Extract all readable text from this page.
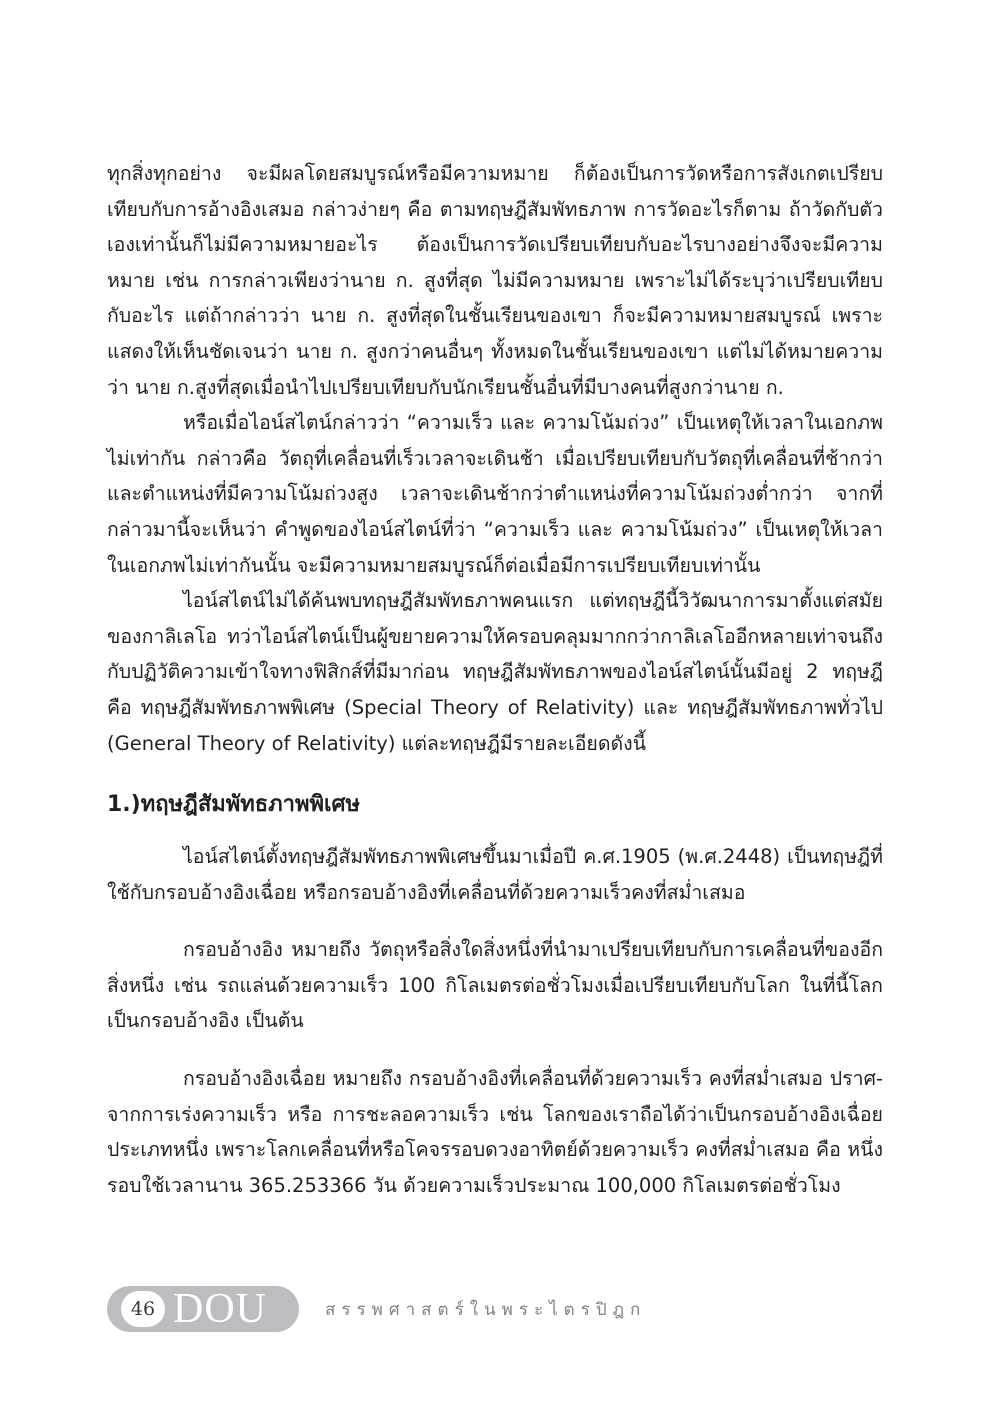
ทุกสิ่งทุกอย่าง จะมีผลโดยสมบูรณ์หรือมีความหมาย ก็ต้องเป็นการวัดหรือการสังเกตเปรียบเทียบกับการอ้างอิงเสมอ กล่าวง่ายๆ คือ ตามทฤษฎีสัมพัทธภาพ การวัดอะไรก็ตาม ถ้าวัดกับตัวเองเท่านั้นก็ไม่มีความหมายอะไร ต้องเป็นการวัดเปรียบเทียบกับอะไรบางอย่างจึงจะมีความหมาย เช่น การกล่าวเพียงว่านาย ก. สูงที่สุด ไม่มีความหมาย เพราะไม่ได้ระบุว่าเปรียบเทียบกับอะไร แต่ถ้ากล่าวว่า นาย ก. สูงที่สุดในชั้นเรียนของเขา ก็จะมีความหมายสมบูรณ์ เพราะแสดงให้เห็นชัดเจนว่า นาย ก. สูงกว่าคนอื่นๆ ทั้งหมดในชั้นเรียนของเขา แต่ไม่ได้หมายความว่า นาย ก.สูงที่สุดเมื่อนำไปเปรียบเทียบกับนักเรียนชั้นอื่นที่มีบางคนที่สูงกว่านาย ก.

หรือเมื่อไอน์สไตน์กล่าวว่า “ความเร็ว และ ความโน้มถ่วง” เป็นเหตุให้เวลาในเอกภพไม่เท่ากัน กล่าวคือ วัตถุที่เคลื่อนที่เร็วเวลาจะเดินช้า เมื่อเปรียบเทียบกับวัตถุที่เคลื่อนที่ช้ากว่า และตำแหน่งที่มีความโน้มถ่วงสูง เวลาจะเดินช้ากว่าตำแหน่งที่ความโน้มถ่วงต่ำกว่า จากที่กล่าวมานี้จะเห็นว่า คำพูดของไอน์สไตน์ที่ว่า “ความเร็ว และ ความโน้มถ่วง” เป็นเหตุให้เวลาในเอกภพไม่เท่ากันนั้น จะมีความหมายสมบูรณ์ก็ต่อเมื่อมีการเปรียบเทียบเท่านั้น

ไอน์สไตน์ไม่ได้ค้นพบทฤษฎีสัมพัทธภาพคนแรก แต่ทฤษฎีนี้วิวัฒนาการมาตั้งแต่สมัยของกาลิเลโอ ทว่าไอน์สไตน์เป็นผู้ขยายความให้ครอบคลุมมากกว่ากาลิเลโออีกหลายเท่าจนถึงกับปฏิวัติความเข้าใจทางฟิสิกส์ที่มีมาก่อน ทฤษฎีสัมพัทธภาพของไอน์สไตน์นั้นมีอยู่ 2 ทฤษฎีคือ ทฤษฎีสัมพัทธภาพพิเศษ (Special Theory of Relativity) และ ทฤษฎีสัมพัทธภาพทั่วไป (General Theory of Relativity) แต่ละทฤษฎีมีรายละเอียดดังนี้

1.)ทฤษฎีสัมพัทธภาพพิเศษ

ไอน์สไตน์ตั้งทฤษฎีสัมพัทธภาพพิเศษขึ้นมาเมื่อปี ค.ศ.1905 (พ.ศ.2448) เป็นทฤษฎีที่ใช้กับกรอบอ้างอิงเฉื่อย หรือกรอบอ้างอิงที่เคลื่อนที่ด้วยความเร็วคงที่สม่ำเสมอ

กรอบอ้างอิง หมายถึง วัตถุหรือสิ่งใดสิ่งหนึ่งที่นำมาเปรียบเทียบกับการเคลื่อนที่ของอีกสิ่งหนึ่ง เช่น รถแล่นด้วยความเร็ว 100 กิโลเมตรต่อชั่วโมงเมื่อเปรียบเทียบกับโลก ในที่นี้โลกเป็นกรอบอ้างอิง เป็นต้น

กรอบอ้างอิงเฉื่อย หมายถึง กรอบอ้างอิงที่เคลื่อนที่ด้วยความเร็ว คงที่สม่ำเสมอ ปราศ-จากการเร่งความเร็ว หรือ การชะลอความเร็ว เช่น โลกของเราถือได้ว่าเป็นกรอบอ้างอิงเฉื่อยประเภทหนึ่ง เพราะโลกเคลื่อนที่หรือโคจรรอบดวงอาทิตย์ด้วยความเร็ว คงที่สม่ำเสมอ คือ หนึ่งรอบใช้เวลานาน 365.253366 วัน ด้วยความเร็วประมาณ 100,000 กิโลเมตรต่อชั่วโมง

46 DOU	สรรพศาสตร์ในพระไตรปิฎก
